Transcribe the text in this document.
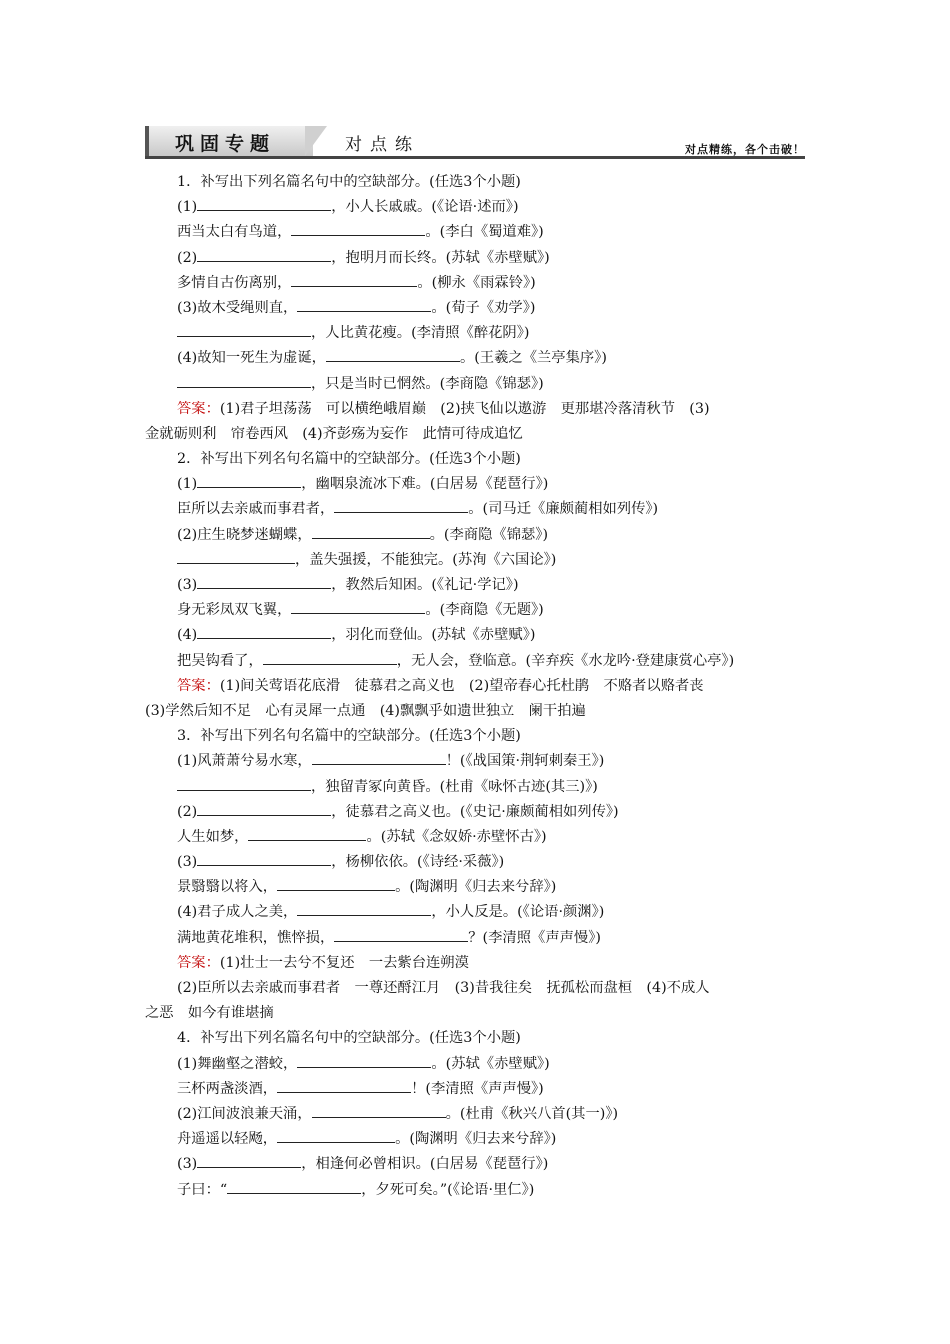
巩固专题	对点练	对点精练，各个击破！
1．补写出下列名篇名句中的空缺部分。(任选3个小题)
(1)	，小人长戚戚。(《论语·述而》)
西当太白有鸟道，	。(李白《蜀道难》)
(2)	，抱明月而长终。(苏轼《赤壁赋》)
多情自古伤离别，	。(柳永《雨霖铃》)
(3)故木受绳则直，	。(荀子《劝学》)
，人比黄花瘦。(李清照《醉花阴》)
(4)故知一死生为虚诞，	。(王羲之《兰亭集序》)
，只是当时已惘然。(李商隐《锦瑟》)
答案：(1)君子坦荡荡　可以横绝峨眉巅　(2)挟飞仙以遨游　更那堪冷落清秋节　(3)
金就砺则利　帘卷西风　(4)齐彭殇为妄作　此情可待成追忆
2．补写出下列名句名篇中的空缺部分。(任选3个小题)
(1)	，幽咽泉流冰下难。(白居易《琵琶行》)
臣所以去亲戚而事君者，	。(司马迁《廉颇蔺相如列传》)
(2)庄生晓梦迷蝴蝶，	。(李商隐《锦瑟》)
，盖失强援，不能独完。(苏洵《六国论》)
(3)	，教然后知困。(《礼记·学记》)
身无彩凤双飞翼，	。(李商隐《无题》)
(4)	，羽化而登仙。(苏轼《赤壁赋》)
把吴钩看了，	，无人会，登临意。(辛弃疾《水龙吟·登建康赏心亭》)
答案：(1)间关莺语花底滑　徒慕君之高义也　(2)望帝春心托杜鹃　不赂者以赂者丧
(3)学然后知不足　心有灵犀一点通　(4)飘飘乎如遗世独立　阑干拍遍
3．补写出下列名句名篇中的空缺部分。(任选3个小题)
(1)风萧萧兮易水寒，	！(《战国策·荆轲刺秦王》)
，独留青冢向黄昏。(杜甫《咏怀古迹(其三)》)
(2)	，徒慕君之高义也。(《史记·廉颇蔺相如列传》)
人生如梦，	。(苏轼《念奴娇·赤壁怀古》)
(3)	，杨柳依依。(《诗经·采薇》)
景翳翳以将入，	。(陶渊明《归去来兮辞》)
(4)君子成人之美，	，小人反是。(《论语·颜渊》)
满地黄花堆积，憔悴损，	？(李清照《声声慢》)
答案：(1)壮士一去兮不复还　一去紫台连朔漠
(2)臣所以去亲戚而事君者　一尊还酹江月　(3)昔我往矣　抚孤松而盘桓　(4)不成人
之恶　如今有谁堪摘
4．补写出下列名篇名句中的空缺部分。(任选3个小题)
(1)舞幽壑之潜蛟，	。(苏轼《赤壁赋》)
三杯两盏淡酒，	！(李清照《声声慢》)
(2)江间波浪兼天涌，	。(杜甫《秋兴八首(其一)》)
舟遥遥以轻飏，	。(陶渊明《归去来兮辞》)
(3)	，相逢何必曾相识。(白居易《琵琶行》)
子曰：“	，夕死可矣。”(《论语·里仁》)
